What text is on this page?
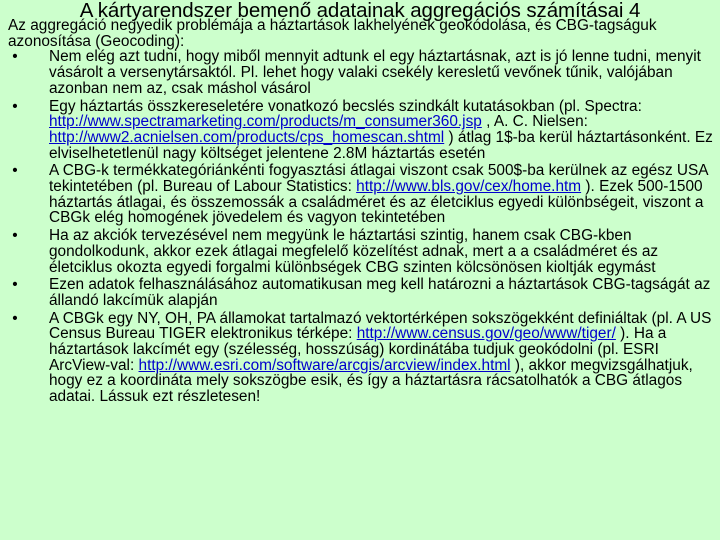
A kártyarendszer bemenő adatainak aggregációs számításai 4

Az aggregáció negyedik problémája a háztartások lakhelyének geokódolása, és CBG-tagságuk azonosítása (Geocoding):

• Nem elég azt tudni, hogy miből mennyit adtunk el egy háztartásnak, azt is jó lenne tudni, menyit vásárolt a versenytársaktól. Pl. lehet hogy valaki csekély keresletű vevőnek tűnik, valójában azonban nem az, csak máshol vásárol
• Egy háztartás összkereseletére vonatkozó becslés szindkált kutatásokban (pl. Spectra: http://www.spectramarketing.com/products/m_consumer360.jsp , A. C. Nielsen: http://www2.acnielsen.com/products/cps_homescan.shtml ) átlag 1$-ba kerül háztartásonként. Ez elviselhetetlenül nagy költséget jelentene 2.8M háztartás esetén
• A CBG-k termékkategóriánkénti fogyasztási átlagai viszont csak 500$-ba kerülnek az egész USA tekintetében (pl. Bureau of Labour Statistics: http://www.bls.gov/cex/home.htm ). Ezek 500-1500 háztartás átlagai, és összemossák a családméret és az életciklus egyedi különbségeit, viszont a CBGk elég homogének jövedelem és vagyon tekintetében
• Ha az akciók tervezésével nem megyünk le háztartási szintig, hanem csak CBG-kben gondolkodunk, akkor ezek átlagai megfelelő közelítést adnak, mert a a családméret és az életciklus okozta egyedi forgalmi különbségek CBG szinten kölcsönösen kioltják egymást
• Ezen adatok felhasználásához automatikusan meg kell határozni a háztartások CBG-tagságát az állandó lakcímük alapján
• A CBGk egy NY, OH, PA államokat tartalmazó vektortérképen sokszögekként definiáltak (pl. A US Census Bureau TIGER elektronikus térképe: http://www.census.gov/geo/www/tiger/ ). Ha a háztartások lakcímét egy (szélesség, hosszúság) kordinátába tudjuk geokódolni (pl. ESRI ArcView-val: http://www.esri.com/software/arcgis/arcview/index.html ), akkor megvizsgálhatjuk, hogy ez a koordináta mely sokszögbe esik, és így a háztartásra rácsatolhatók a CBG átlagos adatai. Lássuk ezt részletesen!
